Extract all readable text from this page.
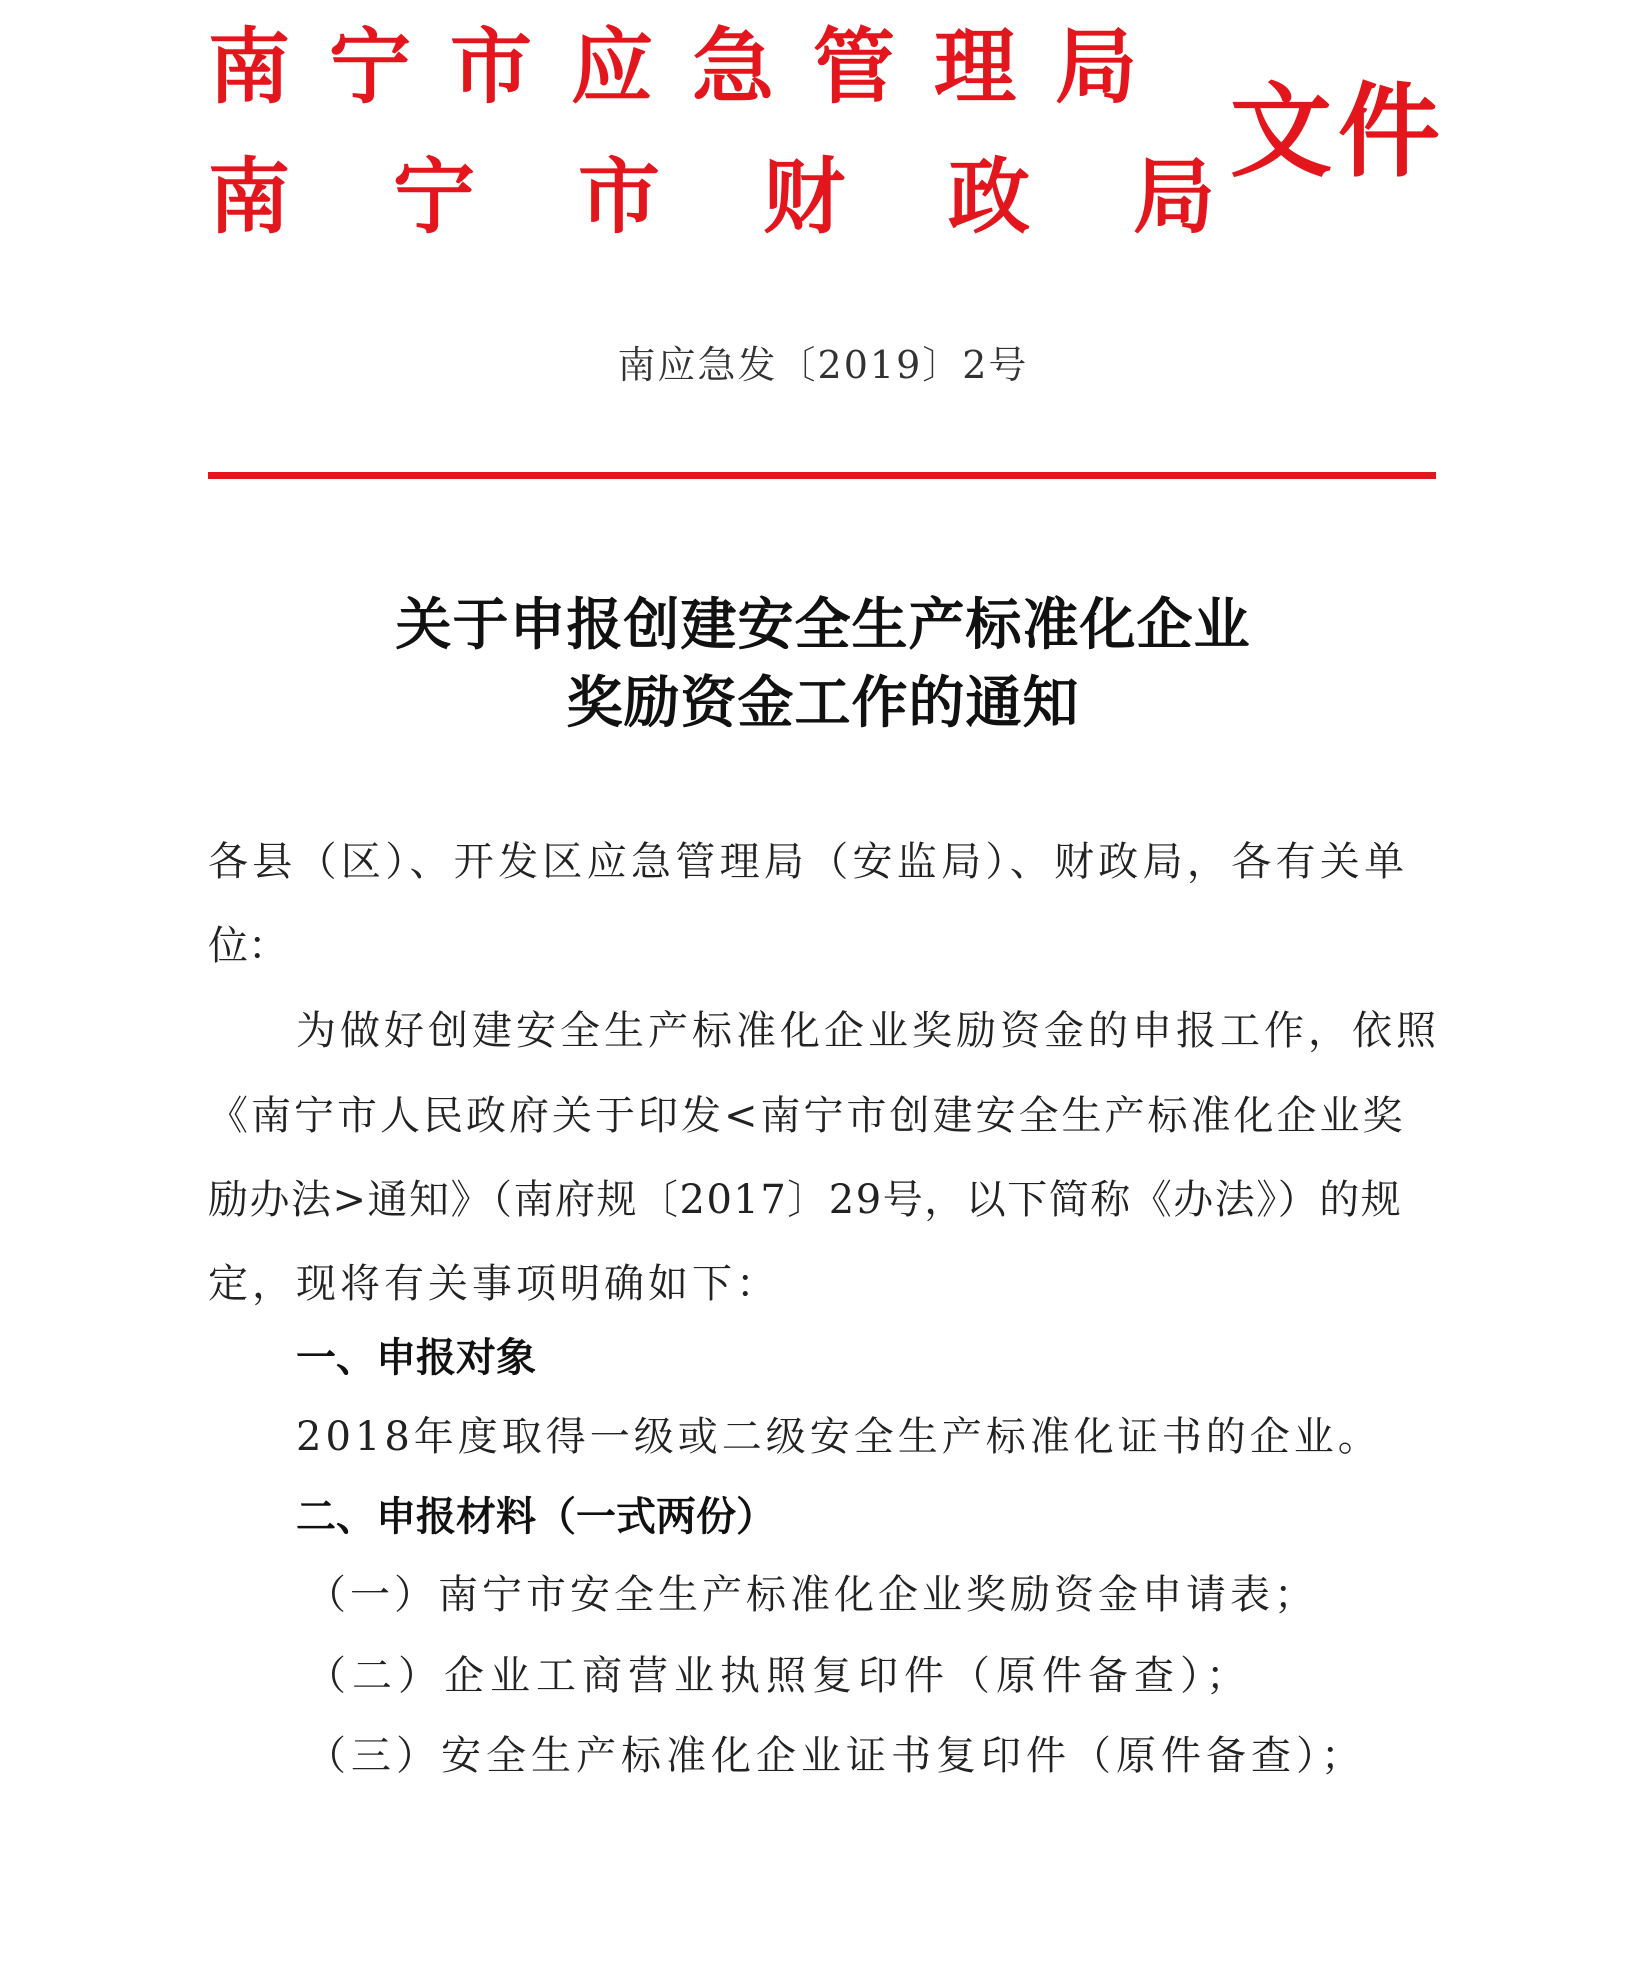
南宁市应急管理局
南宁市财政局
文件
南应急发〔2019〕2号
关于申报创建安全生产标准化企业
奖励资金工作的通知
各县（区）、开发区应急管理局（安监局）、财政局，各有关单
位：
为做好创建安全生产标准化企业奖励资金的申报工作，依照
《南宁市人民政府关于印发<南宁市创建安全生产标准化企业奖
励办法>通知》（南府规〔2017〕29号，以下简称《办法》）的规
定，现将有关事项明确如下：
一、申报对象
2018年度取得一级或二级安全生产标准化证书的企业。
二、申报材料（一式两份）
（一）南宁市安全生产标准化企业奖励资金申请表；
（二）企业工商营业执照复印件（原件备查）；
（三）安全生产标准化企业证书复印件（原件备查）；
